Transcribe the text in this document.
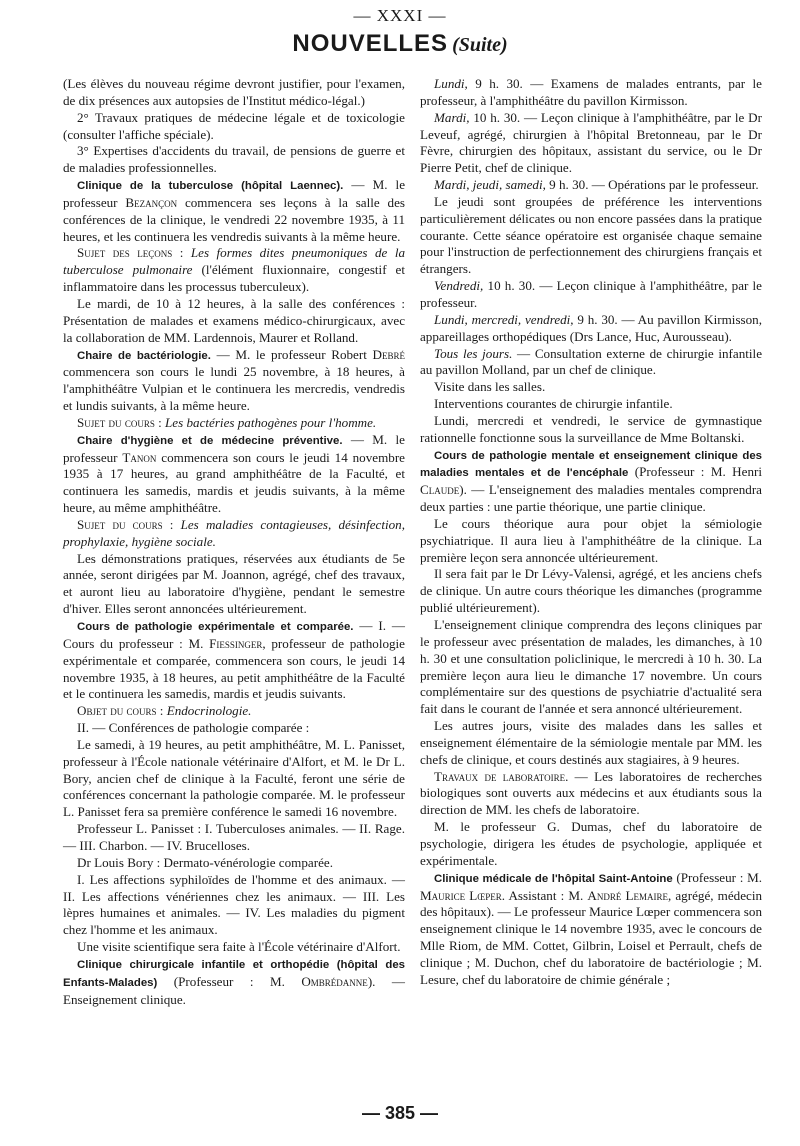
— XXXI —
NOUVELLES (Suite)

(Les élèves du nouveau régime devront justifier, pour l'examen, de dix présences aux autopsies de l'Institut médico-légal.)

2° Travaux pratiques de médecine légale et de toxicologie (consulter l'affiche spéciale).

3° Expertises d'accidents du travail, de pensions de guerre et de maladies professionnelles.

Clinique de la tuberculose (hôpital Laennec). — M. le professeur Bezançon commencera ses leçons à la salle des conférences de la clinique, le vendredi 22 novembre 1935, à 11 heures, et les continuera les vendredis suivants à la même heure.

Sujet des leçons : Les formes dites pneumoniques de la tuberculose pulmonaire (l'élément fluxionnaire, congestif et inflammatoire dans les processus tuberculeux).

Le mardi, de 10 à 12 heures, à la salle des conférences : Présentation de malades et examens médico-chirurgicaux, avec la collaboration de MM. Lardennois, Maurer et Rolland.

Chaire de bactériologie. — M. le professeur Robert Debré commencera son cours le lundi 25 novembre, à 18 heures, à l'amphithéâtre Vulpian et le continuera les mercredis, vendredis et lundis suivants, à la même heure.

Sujet du cours : Les bactéries pathogènes pour l'homme.

Chaire d'hygiène et de médecine préventive. — M. le professeur Tanon commencera son cours le jeudi 14 novembre 1935 à 17 heures, au grand amphithéâtre de la Faculté, et continuera les samedis, mardis et jeudis suivants, à la même heure, au même amphithéâtre.

Sujet du cours : Les maladies contagieuses, désinfection, prophylaxie, hygiène sociale.

Les démonstrations pratiques, réservées aux étudiants de 5e année, seront dirigées par M. Joannon, agrégé, chef des travaux, et auront lieu au laboratoire d'hygiène, pendant le semestre d'hiver. Elles seront annoncées ultérieurement.

Cours de pathologie expérimentale et comparée. — I. — Cours du professeur : M. Fiessinger, professeur de pathologie expérimentale et comparée, commencera son cours, le jeudi 14 novembre 1935, à 18 heures, au petit amphithéâtre de la Faculté et le continuera les samedis, mardis et jeudis suivants.

Objet du cours : Endocrinologie.

II. — Conférences de pathologie comparée :

Le samedi, à 19 heures, au petit amphithéâtre, M. L. Panisset, professeur à l'École nationale vétérinaire d'Alfort, et M. le Dr L. Bory, ancien chef de clinique à la Faculté, feront une série de conférences concernant la pathologie comparée. M. le professeur L. Panisset fera sa première conférence le samedi 16 novembre.

Professeur L. Panisset : I. Tuberculoses animales. — II. Rage. — III. Charbon. — IV. Brucelloses.

Dr Louis Bory : Dermato-vénérologie comparée.

I. Les affections syphiloïdes de l'homme et des animaux. — II. Les affections vénériennes chez les animaux. — III. Les lèpres humaines et animales. — IV. Les maladies du pigment chez l'homme et les animaux.

Une visite scientifique sera faite à l'École vétérinaire d'Alfort.

Clinique chirurgicale infantile et orthopédie (hôpital des Enfants-Malades) (Professeur : M. Ombrédanne). — Enseignement clinique.

Lundi, 9 h. 30. — Examens de malades entrants, par le professeur, à l'amphithéâtre du pavillon Kirmisson.

Mardi, 10 h. 30. — Leçon clinique à l'amphithéâtre, par le Dr Leveuf, agrégé, chirurgien à l'hôpital Bretonneau, par le Dr Fèvre, chirurgien des hôpitaux, assistant du service, ou le Dr Pierre Petit, chef de clinique.

Mardi, jeudi, samedi, 9 h. 30. — Opérations par le professeur.

Le jeudi sont groupées de préférence les interventions particulièrement délicates ou non encore passées dans la pratique courante. Cette séance opératoire est organisée chaque semaine pour l'instruction de perfectionnement des chirurgiens français et étrangers.

Vendredi, 10 h. 30. — Leçon clinique à l'amphithéâtre, par le professeur.

Lundi, mercredi, vendredi, 9 h. 30. — Au pavillon Kirmisson, appareillages orthopédiques (Drs Lance, Huc, Aurousseau).

Tous les jours. — Consultation externe de chirurgie infantile au pavillon Molland, par un chef de clinique.

Visite dans les salles.

Interventions courantes de chirurgie infantile.

Lundi, mercredi et vendredi, le service de gymnastique rationnelle fonctionne sous la surveillance de Mme Boltanski.

Cours de pathologie mentale et enseignement clinique des maladies mentales et de l'encéphale (Professeur : M. Henri Claude). — L'enseignement des maladies mentales comprendra deux parties : une partie théorique, une partie clinique.

Le cours théorique aura pour objet la sémiologie psychiatrique. Il aura lieu à l'amphithéâtre de la clinique. La première leçon sera annoncée ultérieurement.

Il sera fait par le Dr Lévy-Valensi, agrégé, et les anciens chefs de clinique. Un autre cours théorique les dimanches (programme publié ultérieurement).

L'enseignement clinique comprendra des leçons cliniques par le professeur avec présentation de malades, les dimanches, à 10 h. 30 et une consultation policlinique, le mercredi à 10 h. 30. La première leçon aura lieu le dimanche 17 novembre. Un cours complémentaire sur des questions de psychiatrie d'actualité sera fait dans le courant de l'année et sera annoncé ultérieurement.

Les autres jours, visite des malades dans les salles et enseignement élémentaire de la sémiologie mentale par MM. les chefs de clinique, et cours destinés aux stagiaires, à 9 heures.

Travaux de laboratoire. — Les laboratoires de recherches biologiques sont ouverts aux médecins et aux étudiants sous la direction de MM. les chefs de laboratoire.

M. le professeur G. Dumas, chef du laboratoire de psychologie, dirigera les études de psychologie, appliquée et expérimentale.

Clinique médicale de l'hôpital Saint-Antoine (Professeur : M. Maurice Lœper. Assistant : M. André Lemaire, agrégé, médecin des hôpitaux). — Le professeur Maurice Lœper commencera son enseignement clinique le 14 novembre 1935, avec le concours de Mlle Riom, de MM. Cottet, Gilbrin, Loisel et Perrault, chefs de clinique ; M. Duchon, chef du laboratoire de bactériologie ; M. Lesure, chef du laboratoire de chimie générale ;

— 385 —
